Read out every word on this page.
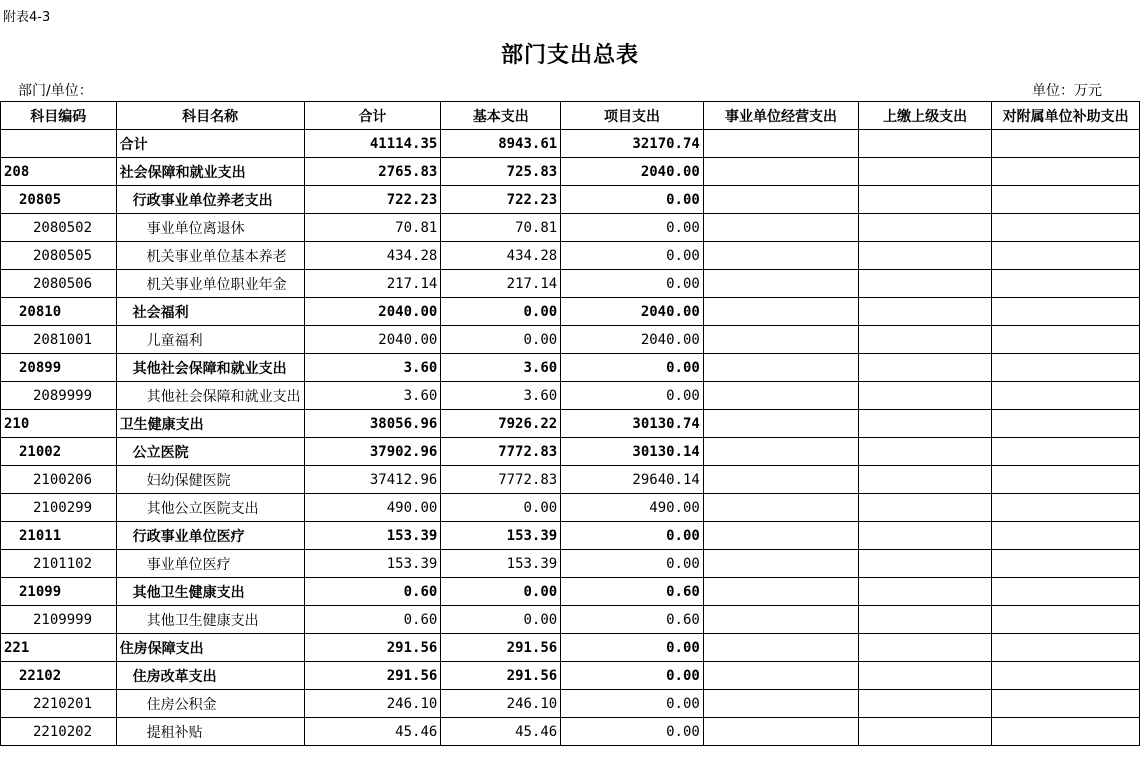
附表4-3
部门支出总表
部门/单位：	单位：万元
科目编码	科目名称	合计	基本支出	项目支出	事业单位经营支出	上缴上级支出	对附属单位补助支出
	合计	41114.35	8943.61	32170.74			
208	社会保障和就业支出	2765.83	725.83	2040.00			
20805	行政事业单位养老支出	722.23	722.23	0.00			
2080502	事业单位离退休	70.81	70.81	0.00			
2080505	机关事业单位基本养老	434.28	434.28	0.00			
2080506	机关事业单位职业年金	217.14	217.14	0.00			
20810	社会福利	2040.00	0.00	2040.00			
2081001	儿童福利	2040.00	0.00	2040.00			
20899	其他社会保障和就业支出	3.60	3.60	0.00			
2089999	其他社会保障和就业支出	3.60	3.60	0.00			
210	卫生健康支出	38056.96	7926.22	30130.74			
21002	公立医院	37902.96	7772.83	30130.14			
2100206	妇幼保健医院	37412.96	7772.83	29640.14			
2100299	其他公立医院支出	490.00	0.00	490.00			
21011	行政事业单位医疗	153.39	153.39	0.00			
2101102	事业单位医疗	153.39	153.39	0.00			
21099	其他卫生健康支出	0.60	0.00	0.60			
2109999	其他卫生健康支出	0.60	0.00	0.60			
221	住房保障支出	291.56	291.56	0.00			
22102	住房改革支出	291.56	291.56	0.00			
2210201	住房公积金	246.10	246.10	0.00			
2210202	提租补贴	45.46	45.46	0.00			
